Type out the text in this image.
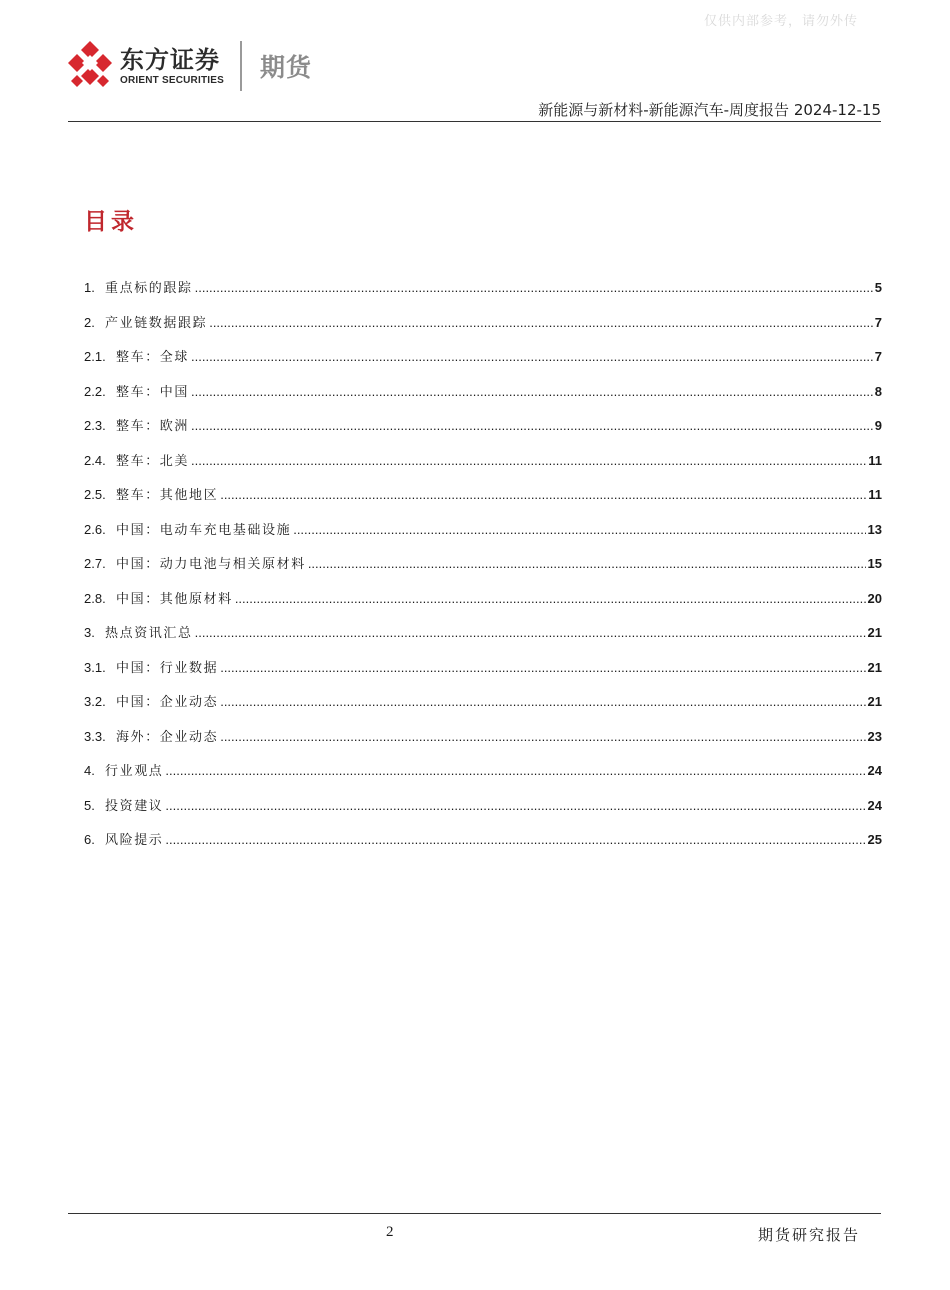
仅供内部参考，请勿外传
东方证券
ORIENT SECURITIES 期货
新能源与新材料-新能源汽车-周度报告 2024-12-15
目录
1. 重点标的跟踪 .....	5
2. 产业链数据跟踪 .....	7
2.1. 整车：全球 .....	7
2.2. 整车：中国 .....	8
2.3. 整车：欧洲 .....	9
2.4. 整车：北美 .....	11
2.5. 整车：其他地区 .....	11
2.6. 中国：电动车充电基础设施 .....	13
2.7. 中国：动力电池与相关原材料 .....	15
2.8. 中国：其他原材料 .....	20
3. 热点资讯汇总 .....	21
3.1. 中国：行业数据 .....	21
3.2. 中国：企业动态 .....	21
3.3. 海外：企业动态 .....	23
4. 行业观点 .....	24
5. 投资建议 .....	24
6. 风险提示 .....	25
2	期货研究报告
